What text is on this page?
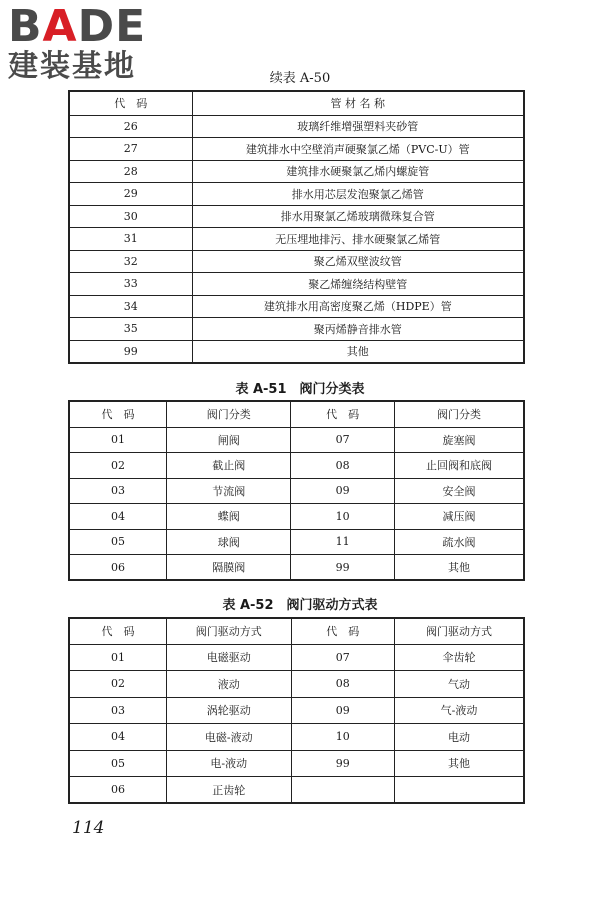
BADE
建装基地	续表 A-50
代　码	管 材 名 称
26	玻璃纤维增强塑料夹砂管
27	建筑排水中空壁消声硬聚氯乙烯（PVC-U）管
28	建筑排水硬聚氯乙烯内螺旋管
29	排水用芯层发泡聚氯乙烯管
30	排水用聚氯乙烯玻璃微珠复合管
31	无压埋地排污、排水硬聚氯乙烯管
32	聚乙烯双壁波纹管
33	聚乙烯缠绕结构壁管
34	建筑排水用高密度聚乙烯（HDPE）管
35	聚丙烯静音排水管
99	其他
表 A-51　阀门分类表
代　码	阀门分类	代　码	阀门分类
01	闸阀	07	旋塞阀
02	截止阀	08	止回阀和底阀
03	节流阀	09	安全阀
04	蝶阀	10	减压阀
05	球阀	11	疏水阀
06	隔膜阀	99	其他
表 A-52　阀门驱动方式表
代　码	阀门驱动方式	代　码	阀门驱动方式
01	电磁驱动	07	伞齿轮
02	液动	08	气动
03	涡轮驱动	09	气-液动
04	电磁-液动	10	电动
05	电-液动	99	其他
06	正齿轮		
114
